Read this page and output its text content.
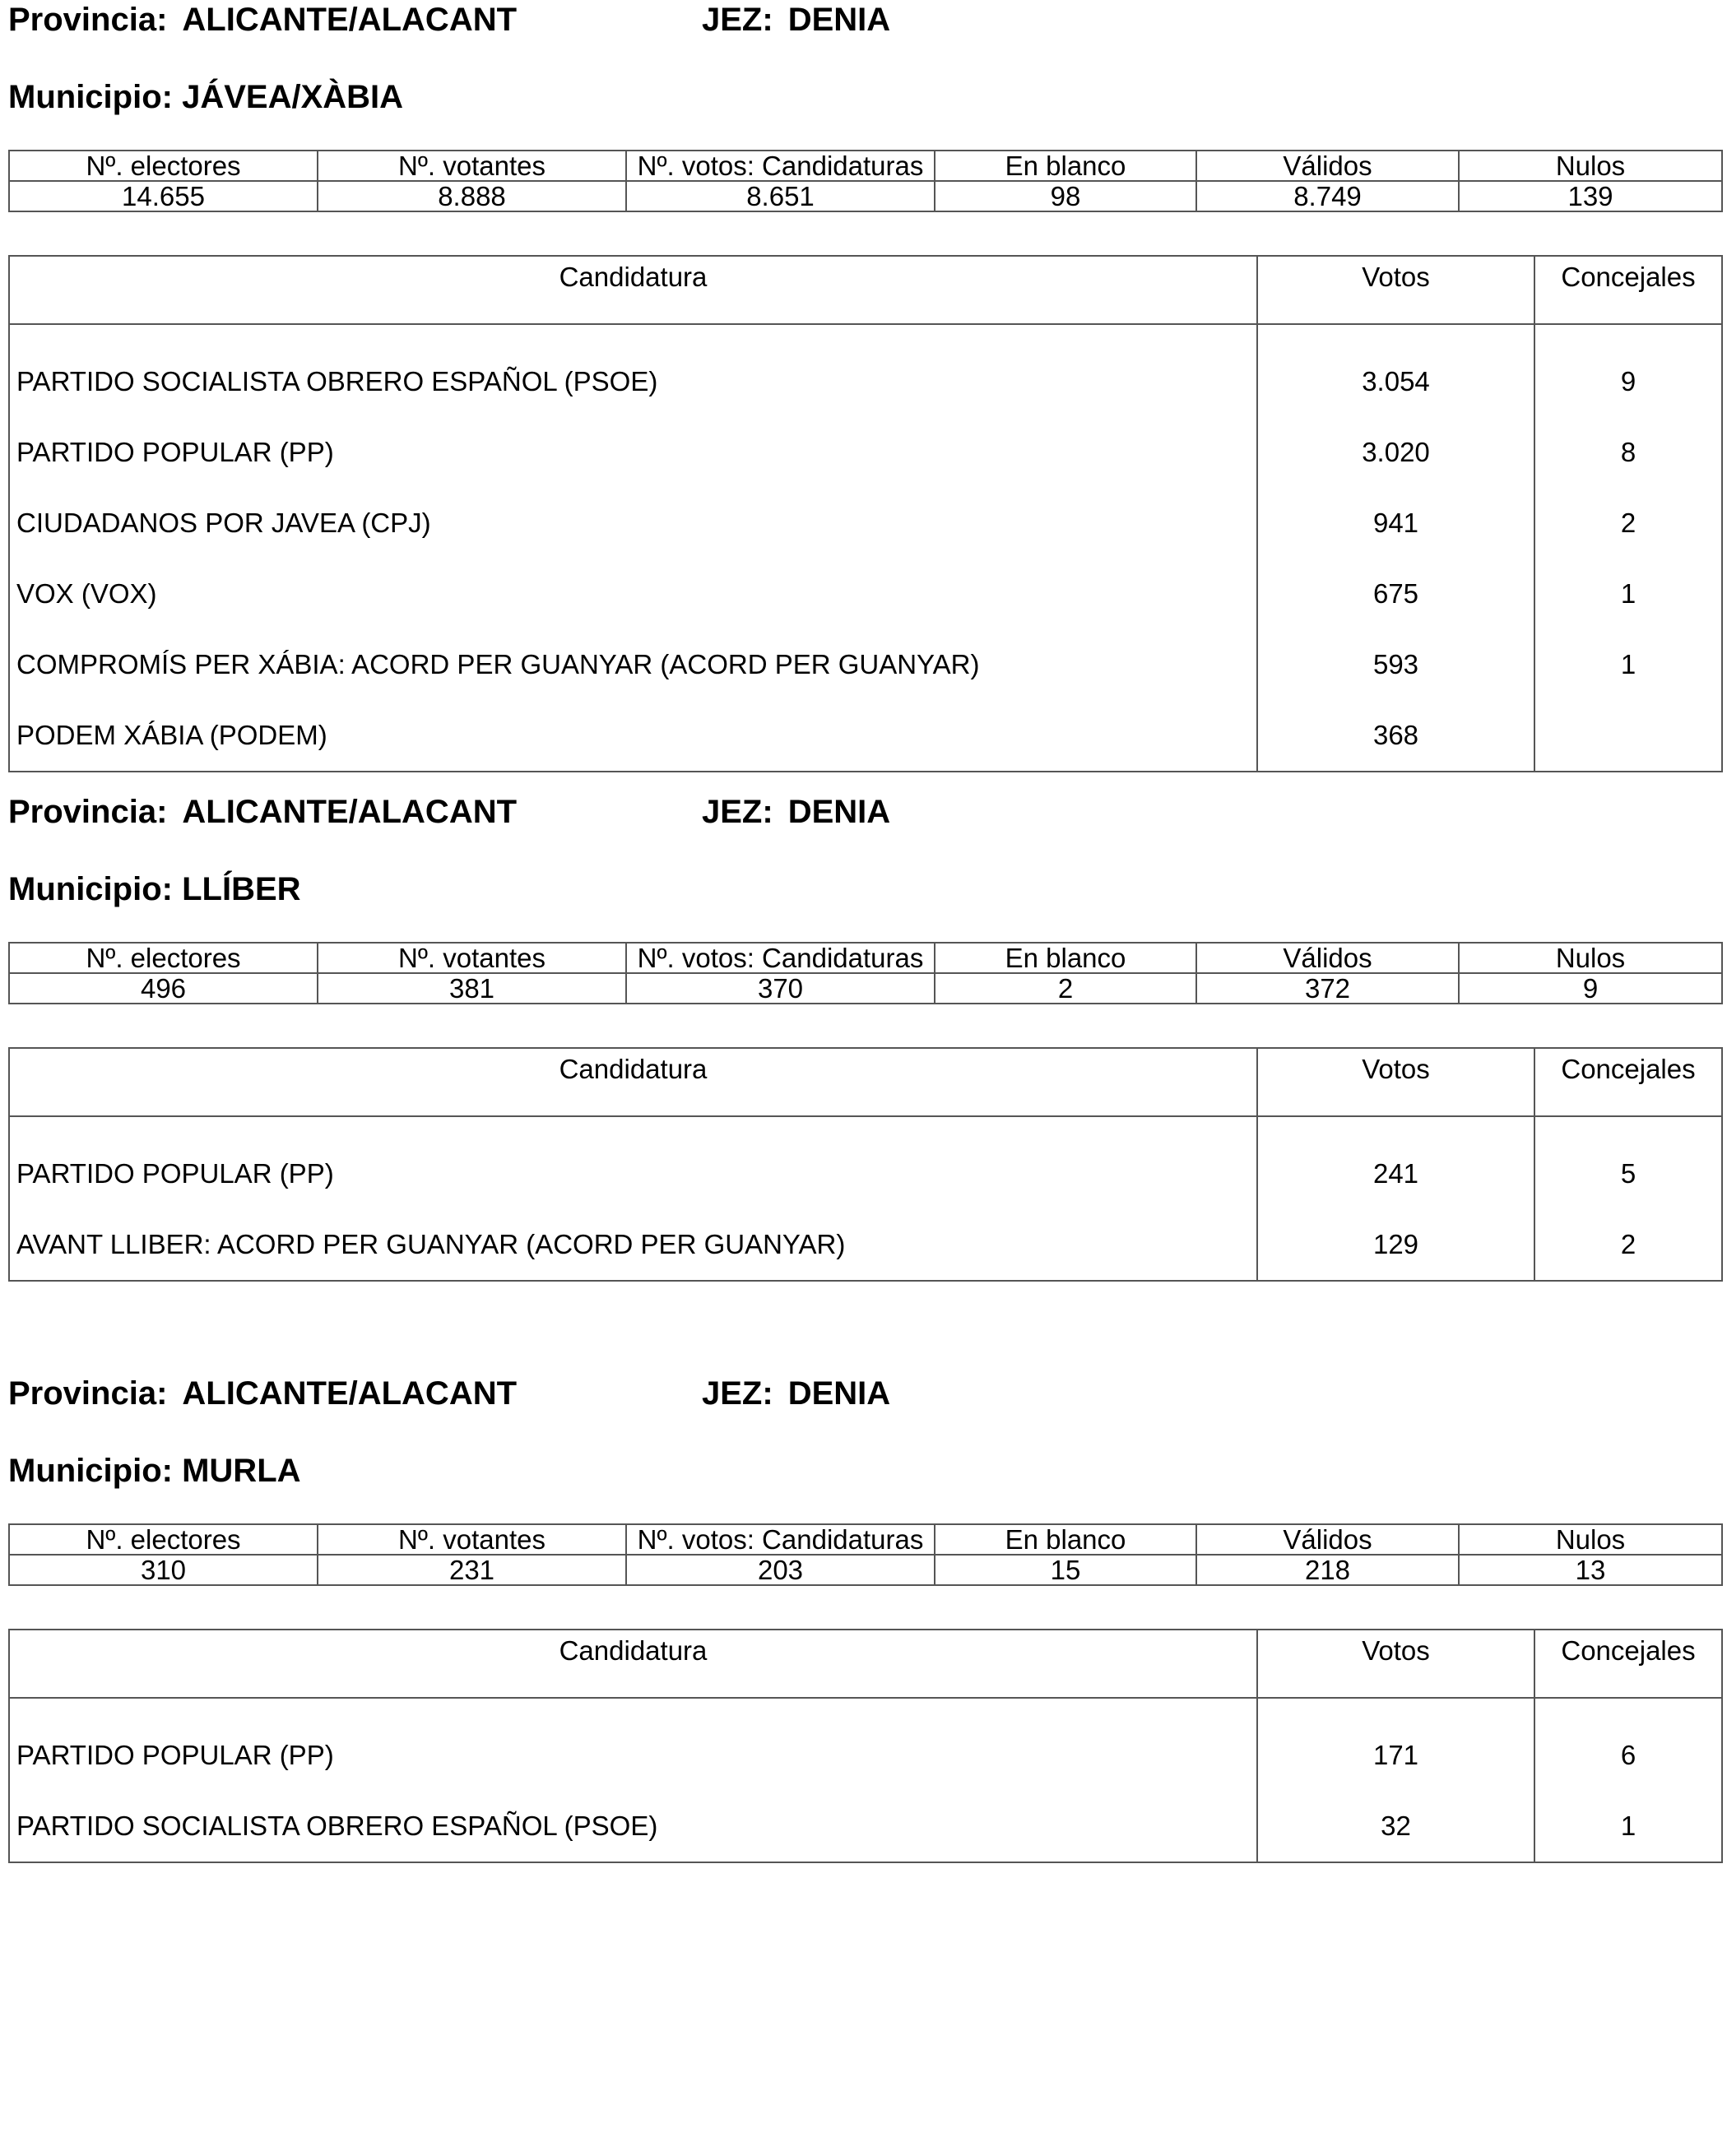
Provincia: ALICANTE/ALACANT	JEZ: DENIA
Municipio: JÁVEA/XÀBIA
Nº. electores	Nº. votantes	Nº. votos: Candidaturas	En blanco	Válidos	Nulos
14.655	8.888	8.651	98	8.749	139
Candidatura	Votos	Concejales
PARTIDO SOCIALISTA OBRERO ESPAÑOL (PSOE)	3.054	9
PARTIDO POPULAR (PP)	3.020	8
CIUDADANOS POR JAVEA (CPJ)	941	2
VOX (VOX)	675	1
COMPROMÍS PER XÁBIA: ACORD PER GUANYAR (ACORD PER GUANYAR)	593	1
PODEM XÁBIA (PODEM)	368	
Provincia: ALICANTE/ALACANT	JEZ: DENIA
Municipio: LLÍBER
Nº. electores	Nº. votantes	Nº. votos: Candidaturas	En blanco	Válidos	Nulos
496	381	370	2	372	9
Candidatura	Votos	Concejales
PARTIDO POPULAR (PP)	241	5
AVANT LLIBER: ACORD PER GUANYAR (ACORD PER GUANYAR)	129	2
Provincia: ALICANTE/ALACANT	JEZ: DENIA
Municipio: MURLA
Nº. electores	Nº. votantes	Nº. votos: Candidaturas	En blanco	Válidos	Nulos
310	231	203	15	218	13
Candidatura	Votos	Concejales
PARTIDO POPULAR (PP)	171	6
PARTIDO SOCIALISTA OBRERO ESPAÑOL (PSOE)	32	1
